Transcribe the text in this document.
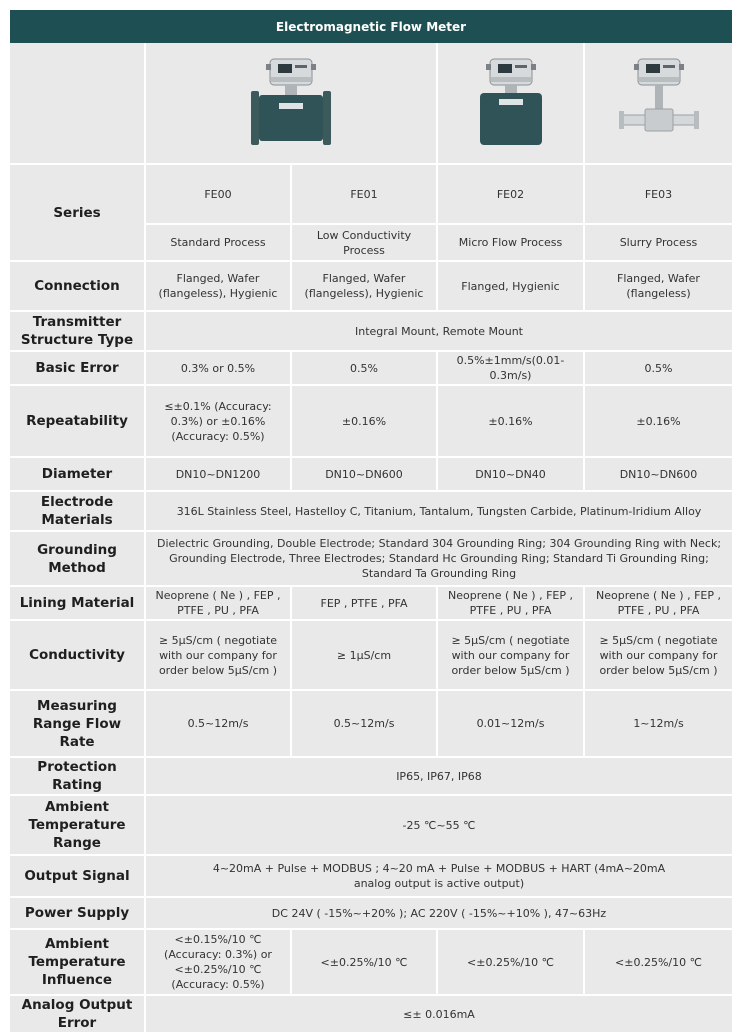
Electromagnetic Flow Meter

Series	FE00	FE01	FE02	FE03
	Standard Process	Low Conductivity Process	Micro Flow Process	Slurry Process
Connection	Flanged, Wafer (flangeless), Hygienic	Flanged, Wafer (flangeless), Hygienic	Flanged, Hygienic	Flanged, Wafer (flangeless)
Transmitter Structure Type	Integral Mount, Remote Mount			
Basic Error	0.3% or 0.5%	0.5%	0.5%±1mm/s(0.01-0.3m/s)	0.5%
Repeatability	≤±0.1% (Accuracy: 0.3%) or ±0.16% (Accuracy: 0.5%)	±0.16%	±0.16%	±0.16%
Diameter	DN10~DN1200	DN10~DN600	DN10~DN40	DN10~DN600
Electrode Materials	316L Stainless Steel, Hastelloy C, Titanium, Tantalum, Tungsten Carbide, Platinum-Iridium Alloy			
Grounding Method	Dielectric Grounding, Double Electrode; Standard 304 Grounding Ring; 304 Grounding Ring with Neck; Grounding Electrode, Three Electrodes; Standard Hc Grounding Ring; Standard Ti Grounding Ring; Standard Ta Grounding Ring			
Lining Material	Neoprene ( Ne ) , FEP , PTFE , PU , PFA	FEP , PTFE , PFA	Neoprene ( Ne ) , FEP , PTFE , PU , PFA	Neoprene ( Ne ) , FEP , PTFE , PU , PFA
Conductivity	≥ 5μS/cm ( negotiate with our company for order below 5μS/cm )	≥ 1μS/cm	≥ 5μS/cm ( negotiate with our company for order below 5μS/cm )	≥ 5μS/cm ( negotiate with our company for order below 5μS/cm )
Measuring Range Flow Rate	0.5~12m/s	0.5~12m/s	0.01~12m/s	1~12m/s
Protection Rating	IP65, IP67, IP68			
Ambient Temperature Range	-25 ℃~55 ℃			
Output Signal	4~20mA + Pulse + MODBUS ; 4~20 mA + Pulse + MODBUS + HART (4mA~20mA analog output is active output)			
Power Supply	DC 24V ( -15%~+20% ); AC 220V ( -15%~+10% ), 47~63Hz			
Ambient Temperature Influence	<±0.15%/10 ℃ (Accuracy: 0.3%) or <±0.25%/10 ℃ (Accuracy: 0.5%)	<±0.25%/10 ℃	<±0.25%/10 ℃	<±0.25%/10 ℃
Analog Output Error	≤± 0.016mA			
